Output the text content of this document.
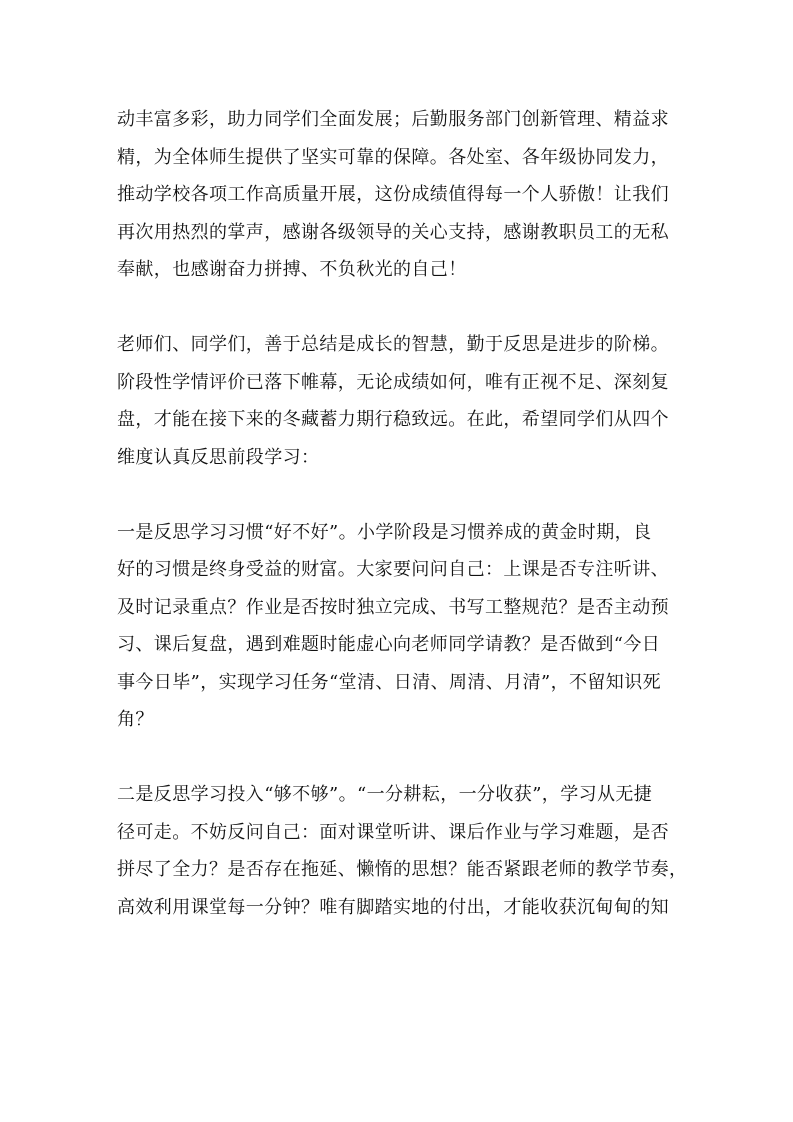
动丰富多彩，助力同学们全面发展；后勤服务部门创新管理、精益求
精，为全体师生提供了坚实可靠的保障。各处室、各年级协同发力，
推动学校各项工作高质量开展，这份成绩值得每一个人骄傲！让我们
再次用热烈的掌声，感谢各级领导的关心支持，感谢教职员工的无私
奉献，也感谢奋力拼搏、不负秋光的自己！

老师们、同学们，善于总结是成长的智慧，勤于反思是进步的阶梯。
阶段性学情评价已落下帷幕，无论成绩如何，唯有正视不足、深刻复
盘，才能在接下来的冬藏蓄力期行稳致远。在此，希望同学们从四个
维度认真反思前段学习：

一是反思学习习惯“好不好”。小学阶段是习惯养成的黄金时期，良
好的习惯是终身受益的财富。大家要问问自己：上课是否专注听讲、
及时记录重点？作业是否按时独立完成、书写工整规范？是否主动预
习、课后复盘，遇到难题时能虚心向老师同学请教？是否做到“今日
事今日毕”，实现学习任务“堂清、日清、周清、月清”，不留知识死
角？

二是反思学习投入“够不够”。“一分耕耘，一分收获”，学习从无捷
径可走。不妨反问自己：面对课堂听讲、课后作业与学习难题，是否
拼尽了全力？是否存在拖延、懒惰的思想？能否紧跟老师的教学节奏，
高效利用课堂每一分钟？唯有脚踏实地的付出，才能收获沉甸甸的知
